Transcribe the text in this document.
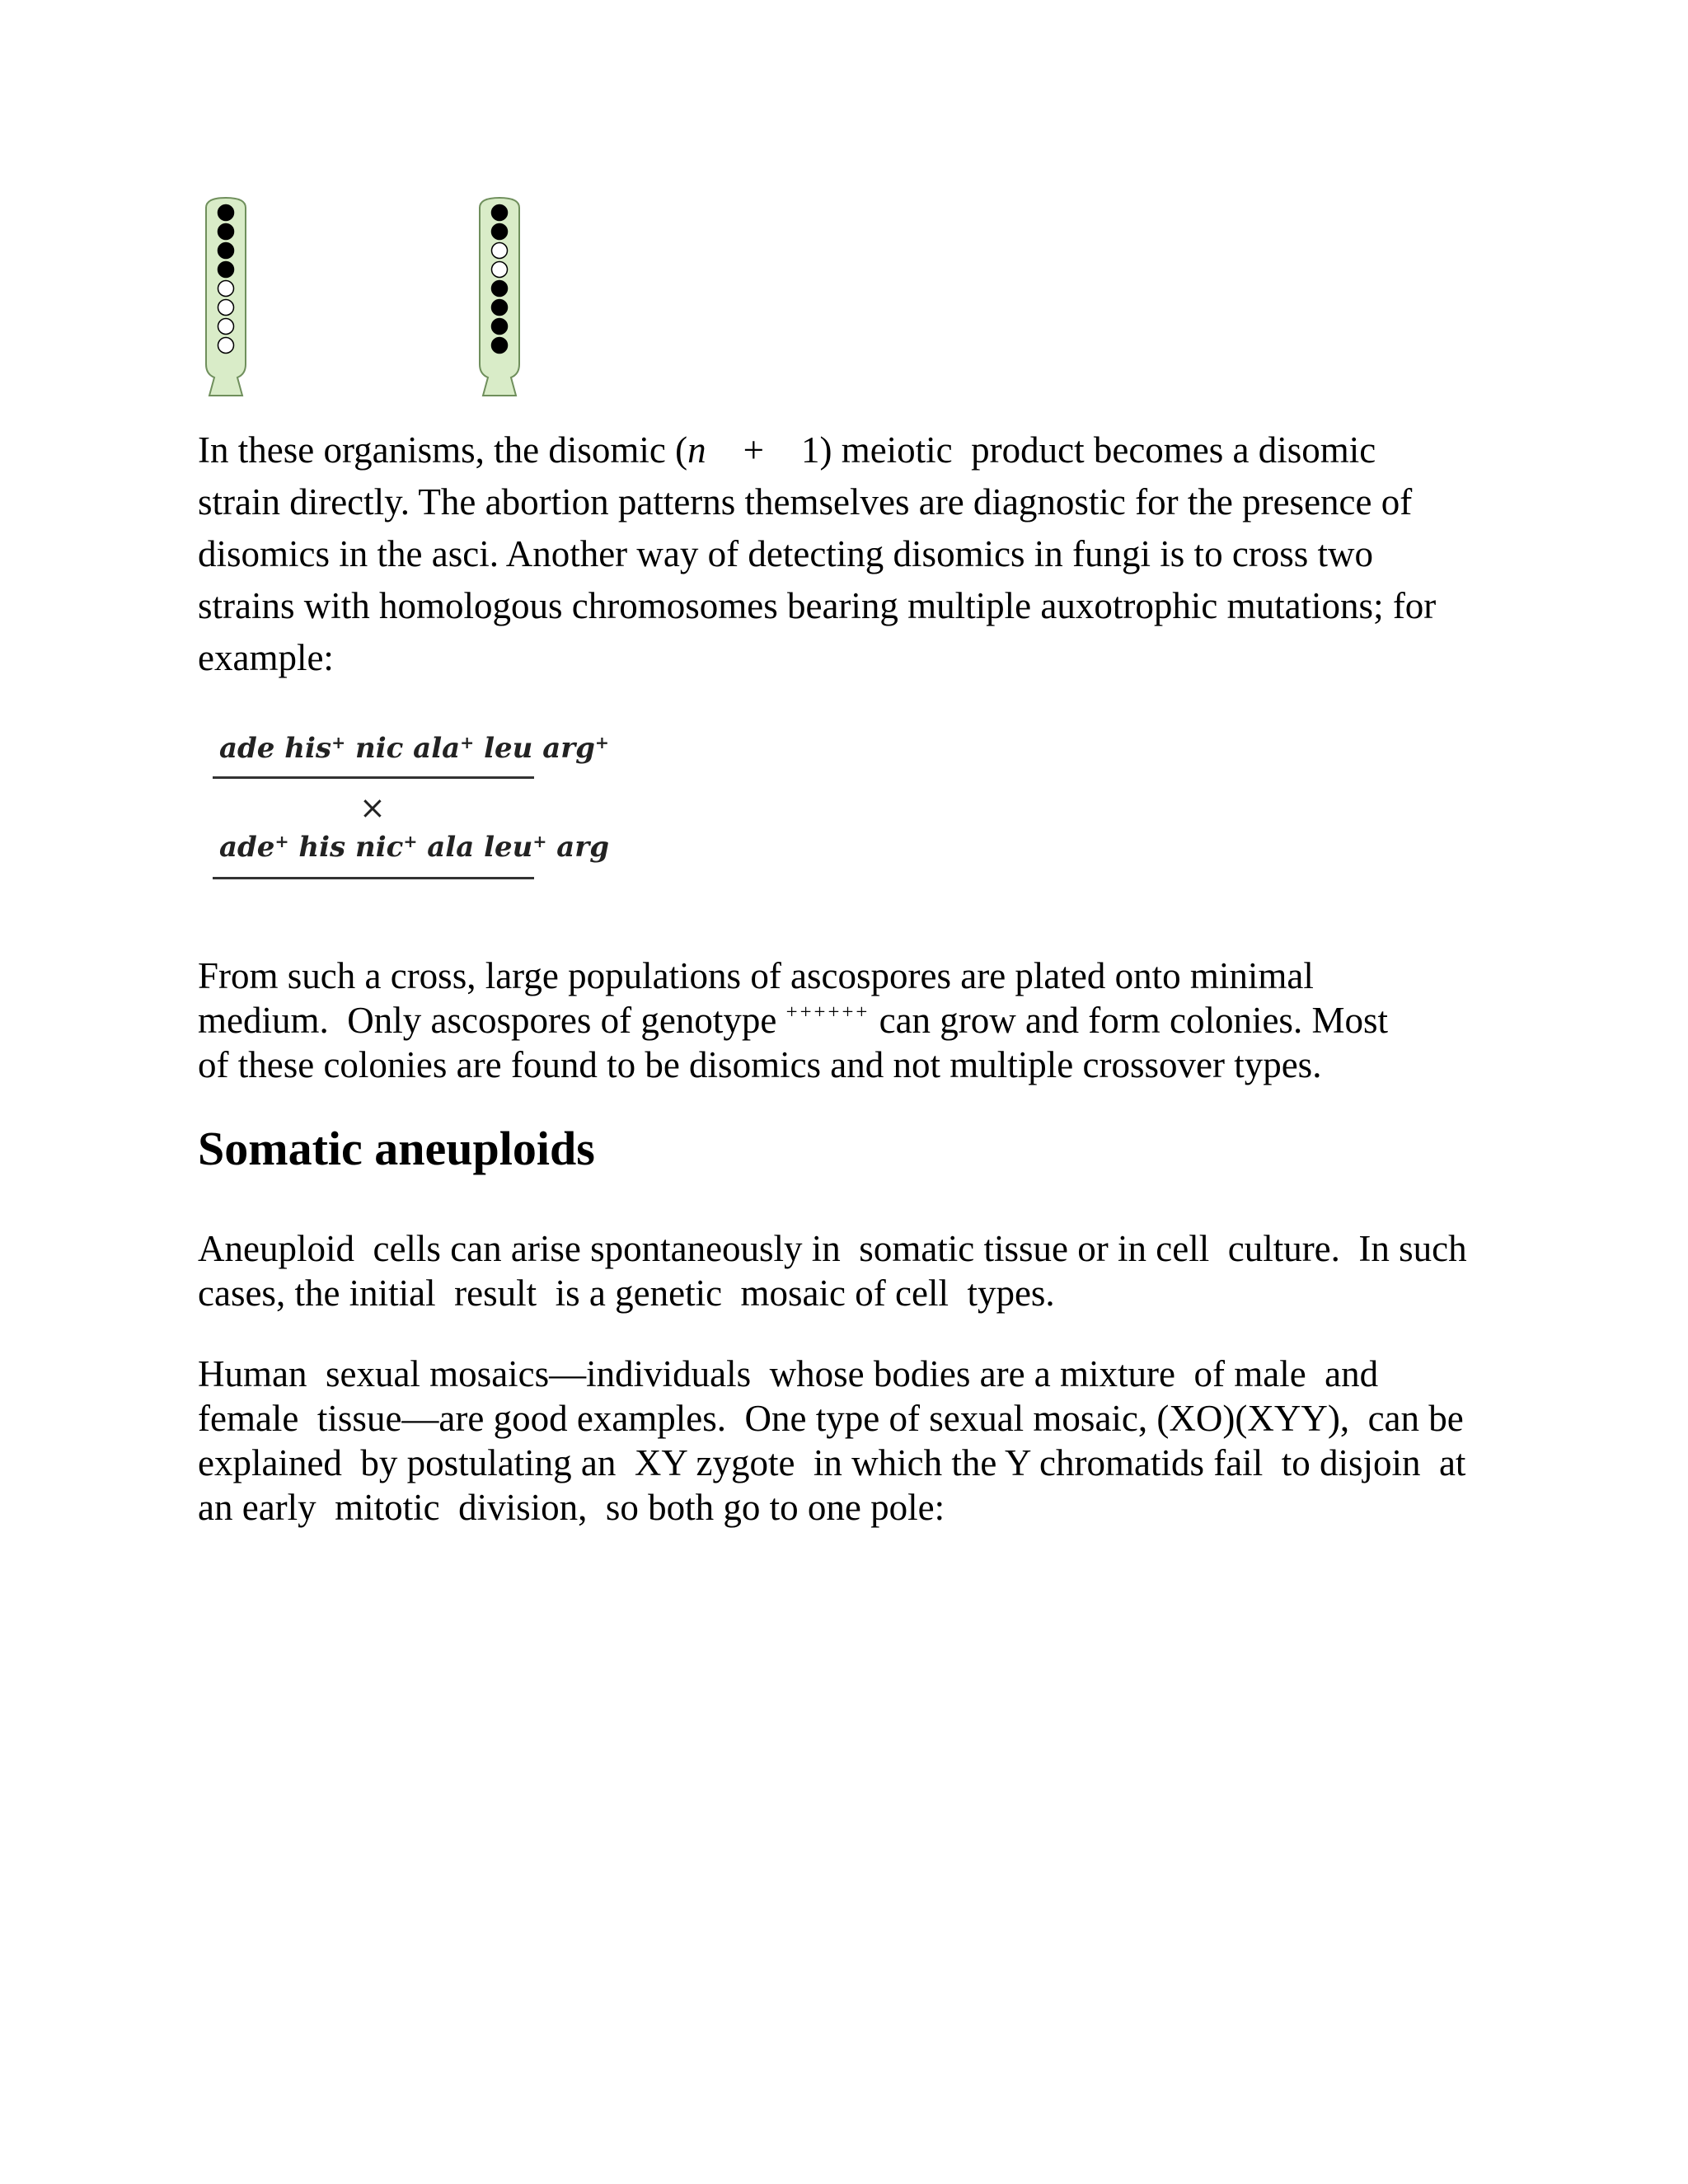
In these organisms, the disomic (n    +    1) meiotic  product becomes a disomic
strain directly. The abortion patterns themselves are diagnostic for the presence of
disomics in the asci. Another way of detecting disomics in fungi is to cross two
strains with homologous chromosomes bearing multiple auxotrophic mutations; for
example:
ade his+ nic ala+ leu arg+
×
ade+ his nic+ ala leu+ arg
From such a cross, large populations of ascospores are plated onto minimal
medium.  Only ascospores of genotype ++++++ can grow and form colonies. Most
of these colonies are found to be disomics and not multiple crossover types.
Somatic aneuploids
Aneuploid  cells can arise spontaneously in  somatic tissue or in cell  culture.  In such
cases, the initial  result  is a genetic  mosaic of cell  types.
Human  sexual mosaics—individuals  whose bodies are a mixture  of male  and
female  tissue—are good examples.  One type of sexual mosaic, (XO)(XYY),  can be
explained  by postulating an  XY zygote  in which the Y chromatids fail  to disjoin  at
an early  mitotic  division,  so both go to one pole:
